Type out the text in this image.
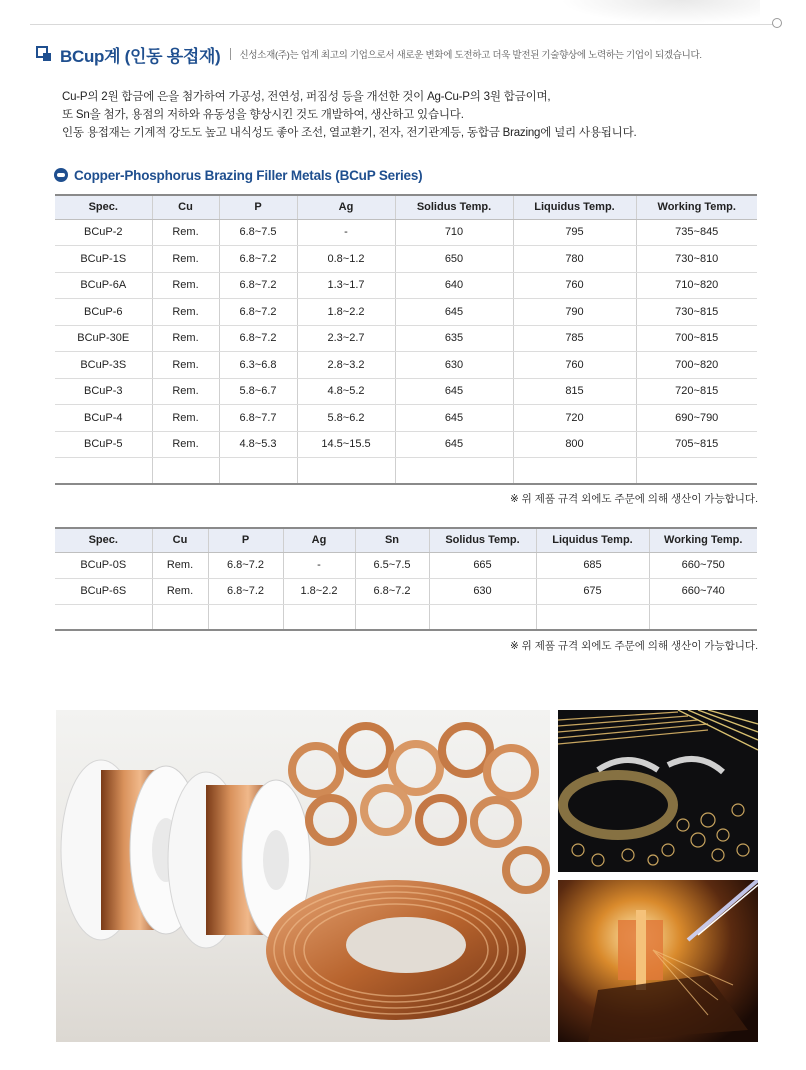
BCup계 (인동 용접재) 신성소재(주)는 업계 최고의 기업으로서 새로운 변화에 도전하고 더욱 발전된 기술향상에 노력하는 기업이 되겠습니다.

Cu-P의 2원 합금에 은을 첨가하여 가공성, 전연성, 퍼짐성 등을 개선한 것이 Ag-Cu-P의 3원 합금이며,

또 Sn을 첨가, 용점의 저하와 유동성을 향상시킨 것도 개발하여, 생산하고 있습니다.

인동 용접재는 기계적 강도도 높고 내식성도 좋아 조선, 열교환기, 전자, 전기관계등, 동합금 Brazing에 널리 사용됩니다.

Copper-Phosphorus Brazing Filler Metals (BCuP Series)
Spec.	Cu	P	Ag	Solidus Temp.	Liquidus Temp.	Working Temp.
BCuP-2	Rem.	6.8~7.5	-	710	795	735~845
BCuP-1S	Rem.	6.8~7.2	0.8~1.2	650	780	730~810
BCuP-6A	Rem.	6.8~7.2	1.3~1.7	640	760	710~820
BCuP-6	Rem.	6.8~7.2	1.8~2.2	645	790	730~815
BCuP-30E	Rem.	6.8~7.2	2.3~2.7	635	785	700~815
BCuP-3S	Rem.	6.3~6.8	2.8~3.2	630	760	700~820
BCuP-3	Rem.	5.8~6.7	4.8~5.2	645	815	720~815
BCuP-4	Rem.	6.8~7.7	5.8~6.2	645	720	690~790
BCuP-5	Rem.	4.8~5.3	14.5~15.5	645	800	705~815

※ 위 제품 규격 외에도 주문에 의해 생산이 가능합니다.
Spec.	Cu	P	Ag	Sn	Solidus Temp.	Liquidus Temp.	Working Temp.
BCuP-0S	Rem.	6.8~7.2	-	6.5~7.5	665	685	660~750
BCuP-6S	Rem.	6.8~7.2	1.8~2.2	6.8~7.2	630	675	660~740

※ 위 제품 규격 외에도 주문에 의해 생산이 가능합니다.
